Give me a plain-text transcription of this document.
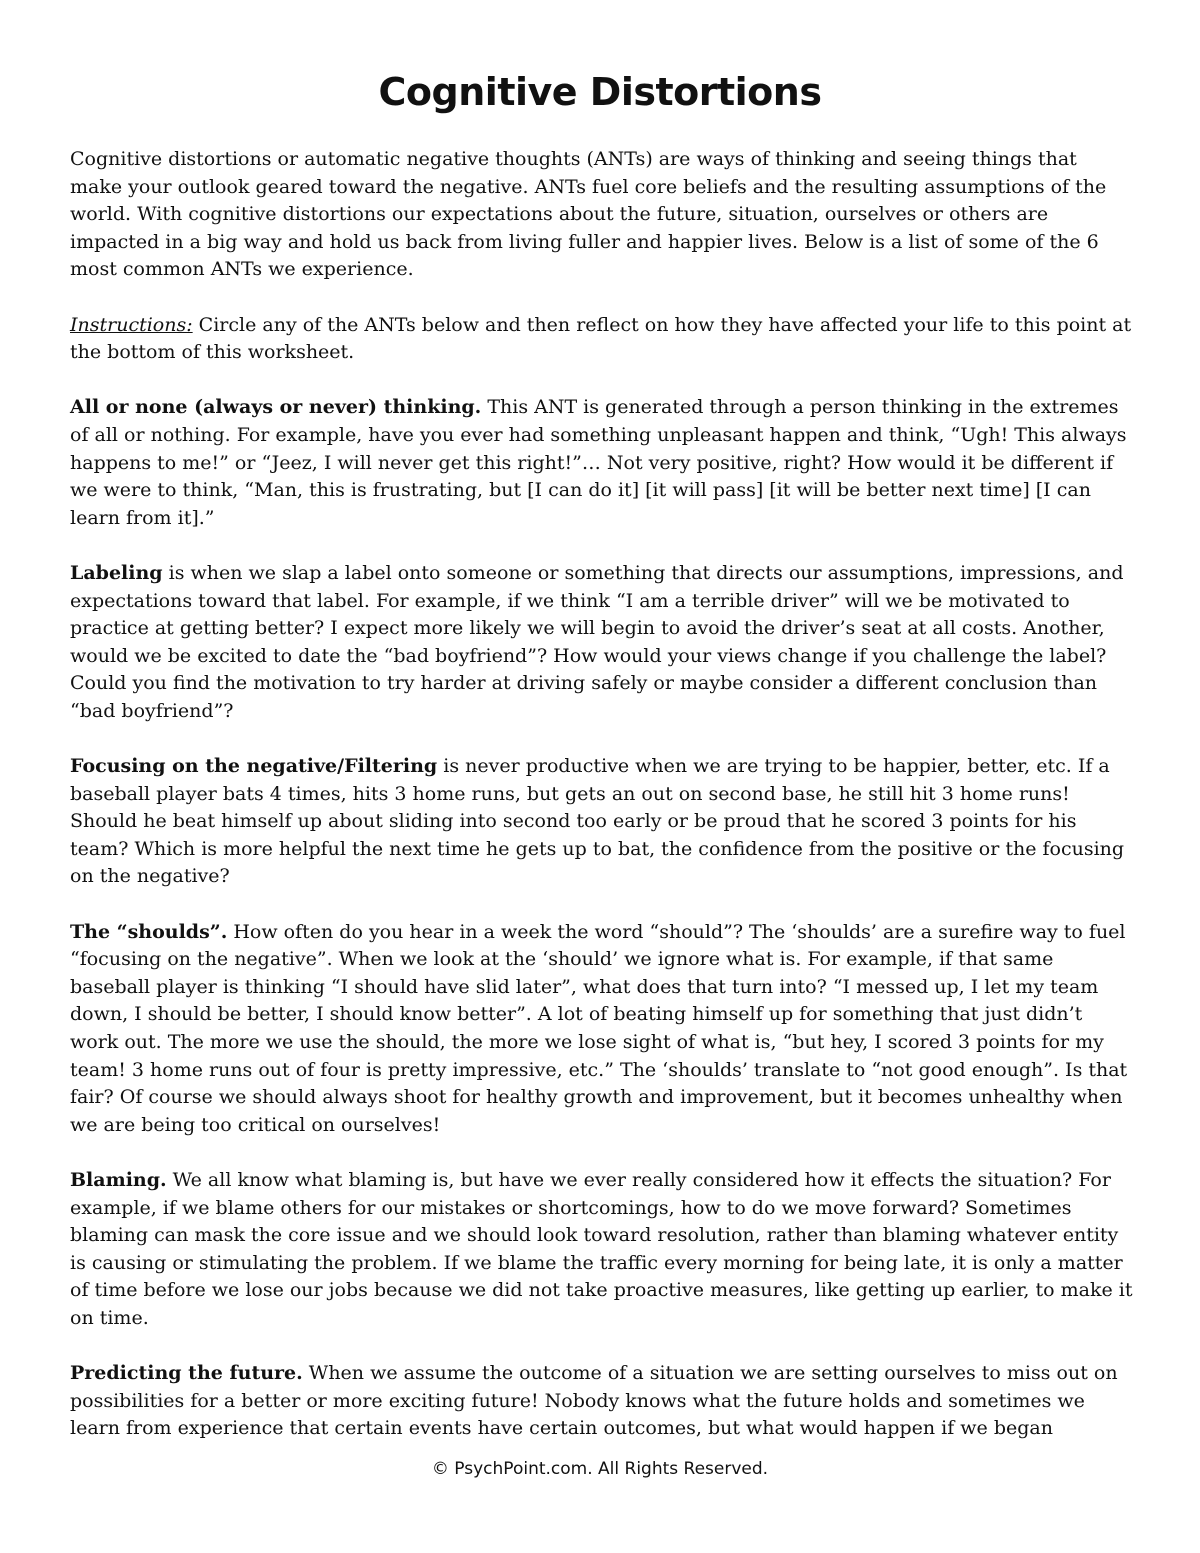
Cognitive Distortions

Cognitive distortions or automatic negative thoughts (ANTs) are ways of thinking and seeing things that make your outlook geared toward the negative. ANTs fuel core beliefs and the resulting assumptions of the world. With cognitive distortions our expectations about the future, situation, ourselves or others are impacted in a big way and hold us back from living fuller and happier lives. Below is a list of some of the 6 most common ANTs we experience.

Instructions: Circle any of the ANTs below and then reflect on how they have affected your life to this point at the bottom of this worksheet.

All or none (always or never) thinking. This ANT is generated through a person thinking in the extremes of all or nothing. For example, have you ever had something unpleasant happen and think, “Ugh! This always happens to me!” or “Jeez, I will never get this right!”… Not very positive, right? How would it be different if we were to think, “Man, this is frustrating, but [I can do it] [it will pass] [it will be better next time] [I can learn from it].”

Labeling is when we slap a label onto someone or something that directs our assumptions, impressions, and expectations toward that label. For example, if we think “I am a terrible driver” will we be motivated to practice at getting better? I expect more likely we will begin to avoid the driver’s seat at all costs. Another, would we be excited to date the “bad boyfriend”? How would your views change if you challenge the label? Could you find the motivation to try harder at driving safely or maybe consider a different conclusion than “bad boyfriend”?

Focusing on the negative/Filtering is never productive when we are trying to be happier, better, etc. If a baseball player bats 4 times, hits 3 home runs, but gets an out on second base, he still hit 3 home runs! Should he beat himself up about sliding into second too early or be proud that he scored 3 points for his team? Which is more helpful the next time he gets up to bat, the confidence from the positive or the focusing on the negative?

The “shoulds”. How often do you hear in a week the word “should”? The ‘shoulds’ are a surefire way to fuel “focusing on the negative”. When we look at the ‘should’ we ignore what is. For example, if that same baseball player is thinking “I should have slid later”, what does that turn into? “I messed up, I let my team down, I should be better, I should know better”. A lot of beating himself up for something that just didn’t work out. The more we use the should, the more we lose sight of what is, “but hey, I scored 3 points for my team! 3 home runs out of four is pretty impressive, etc.” The ‘shoulds’ translate to “not good enough”. Is that fair? Of course we should always shoot for healthy growth and improvement, but it becomes unhealthy when we are being too critical on ourselves!

Blaming. We all know what blaming is, but have we ever really considered how it effects the situation? For example, if we blame others for our mistakes or shortcomings, how to do we move forward? Sometimes blaming can mask the core issue and we should look toward resolution, rather than blaming whatever entity is causing or stimulating the problem. If we blame the traffic every morning for being late, it is only a matter of time before we lose our jobs because we did not take proactive measures, like getting up earlier, to make it on time.

Predicting the future. When we assume the outcome of a situation we are setting ourselves to miss out on possibilities for a better or more exciting future! Nobody knows what the future holds and sometimes we learn from experience that certain events have certain outcomes, but what would happen if we began

© PsychPoint.com. All Rights Reserved.
